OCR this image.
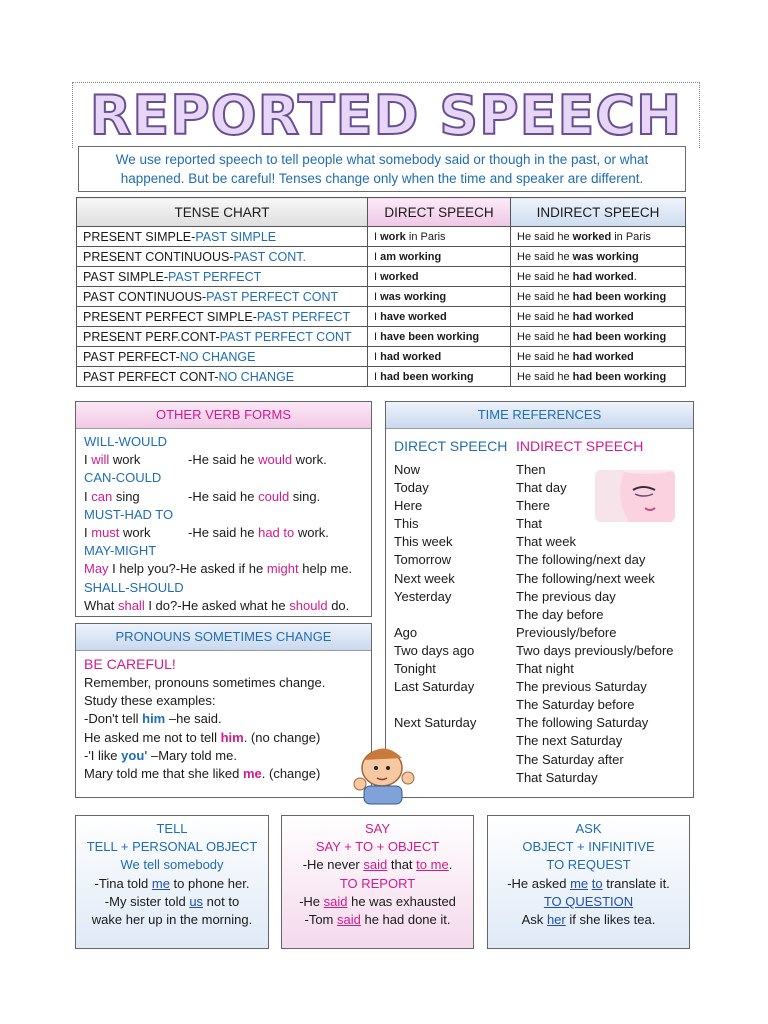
REPORTED SPEECH
We use reported speech to tell people what somebody said or though in the past, or what happened. But be careful! Tenses change only when the time and speaker are different.
TENSE CHART	DIRECT SPEECH	INDIRECT SPEECH
PRESENT SIMPLE-PAST SIMPLE	I work in Paris	He said he worked in Paris
PRESENT CONTINUOUS-PAST CONT.	I am working	He said he was working
PAST SIMPLE-PAST PERFECT	I worked	He said he had worked.
PAST CONTINUOUS-PAST PERFECT CONT	I was working	He said he had been working
PRESENT PERFECT SIMPLE-PAST PERFECT	I have worked	He said he had worked
PRESENT PERF.CONT-PAST PERFECT CONT	I have been working	He said he had been working
PAST PERFECT-NO CHANGE	I had worked	He said he had worked
PAST PERFECT CONT-NO CHANGE	I had been working	He said he had been working
OTHER VERB FORMS
WILL-WOULD
I will work	-He said he would work.
CAN-COULD
I can sing	-He said he could sing.
MUST-HAD TO
I must work	-He said he had to work.
MAY-MIGHT
May I help you? -He asked if he might help me.
SHALL-SHOULD
What shall I do? -He asked what he should do.
PRONOUNS SOMETIMES CHANGE
BE CAREFUL!
Remember, pronouns sometimes change.
Study these examples:
-Don't tell him –he said.
He asked me not to tell him. (no change)
-'I like you' –Mary told me.
Mary told me that she liked me. (change)
TIME REFERENCES
DIRECT SPEECH INDIRECT SPEECH
Now	Then
Today	That day
Here	There
This	That
This week	That week
Tomorrow	The following/next day
Next week	The following/next week
Yesterday	The previous day
The day before
Ago	Previously/before
Two days ago	Two days previously/before
Tonight	That night
Last Saturday	The previous Saturday
The Saturday before
Next Saturday	The following Saturday
The next Saturday
The Saturday after
That Saturday
TELL
TELL + PERSONAL OBJECT
We tell somebody
-Tina told me to phone her.
-My sister told us not to
wake her up in the morning.
SAY
SAY + TO + OBJECT
-He never said that to me.
TO REPORT
-He said he was exhausted
-Tom said he had done it.
ASK
OBJECT + INFINITIVE
TO REQUEST
-He asked me to translate it.
TO QUESTION
Ask her if she likes tea.
